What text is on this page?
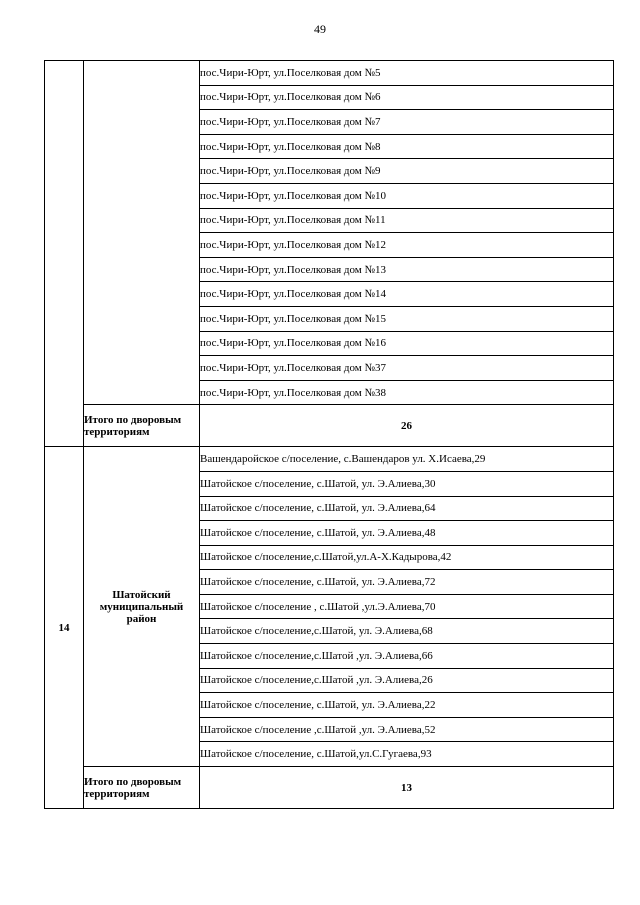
49
		пос.Чири-Юрт, ул.Поселковая дом №5
		пос.Чири-Юрт, ул.Поселковая дом №6
		пос.Чири-Юрт, ул.Поселковая дом №7
		пос.Чири-Юрт, ул.Поселковая дом №8
		пос.Чири-Юрт, ул.Поселковая дом №9
		пос.Чири-Юрт, ул.Поселковая дом №10
		пос.Чири-Юрт, ул.Поселковая дом №11
		пос.Чири-Юрт, ул.Поселковая дом №12
		пос.Чири-Юрт, ул.Поселковая дом №13
		пос.Чири-Юрт, ул.Поселковая дом №14
		пос.Чири-Юрт, ул.Поселковая дом №15
		пос.Чири-Юрт, ул.Поселковая дом №16
		пос.Чири-Юрт, ул.Поселковая дом №37
		пос.Чири-Юрт, ул.Поселковая дом №38
	Итого по дворовым территориям	26
14	Шатойский муниципальный район	Вашендаройское с/поселение, с.Вашендаров ул. Х.Исаева,29
		Шатойское с/поселение, с.Шатой, ул. Э.Алиева,30
		Шатойское с/поселение, с.Шатой, ул. Э.Алиева,64
		Шатойское с/поселение, с.Шатой, ул. Э.Алиева,48
		Шатойское с/поселение,с.Шатой,ул.А-Х.Кадырова,42
		Шатойское с/поселение, с.Шатой, ул. Э.Алиева,72
		Шатойское с/поселение , с.Шатой ,ул.Э.Алиева,70
		Шатойское с/поселение,с.Шатой, ул. Э.Алиева,68
		Шатойское с/поселение,с.Шатой ,ул. Э.Алиева,66
		Шатойское с/поселение,с.Шатой ,ул. Э.Алиева,26
		Шатойское с/поселение, с.Шатой, ул. Э.Алиева,22
		Шатойское с/поселение ,с.Шатой ,ул. Э.Алиева,52
		Шатойское с/поселение, с.Шатой,ул.С.Гугаева,93
	Итого по дворовым территориям	13
